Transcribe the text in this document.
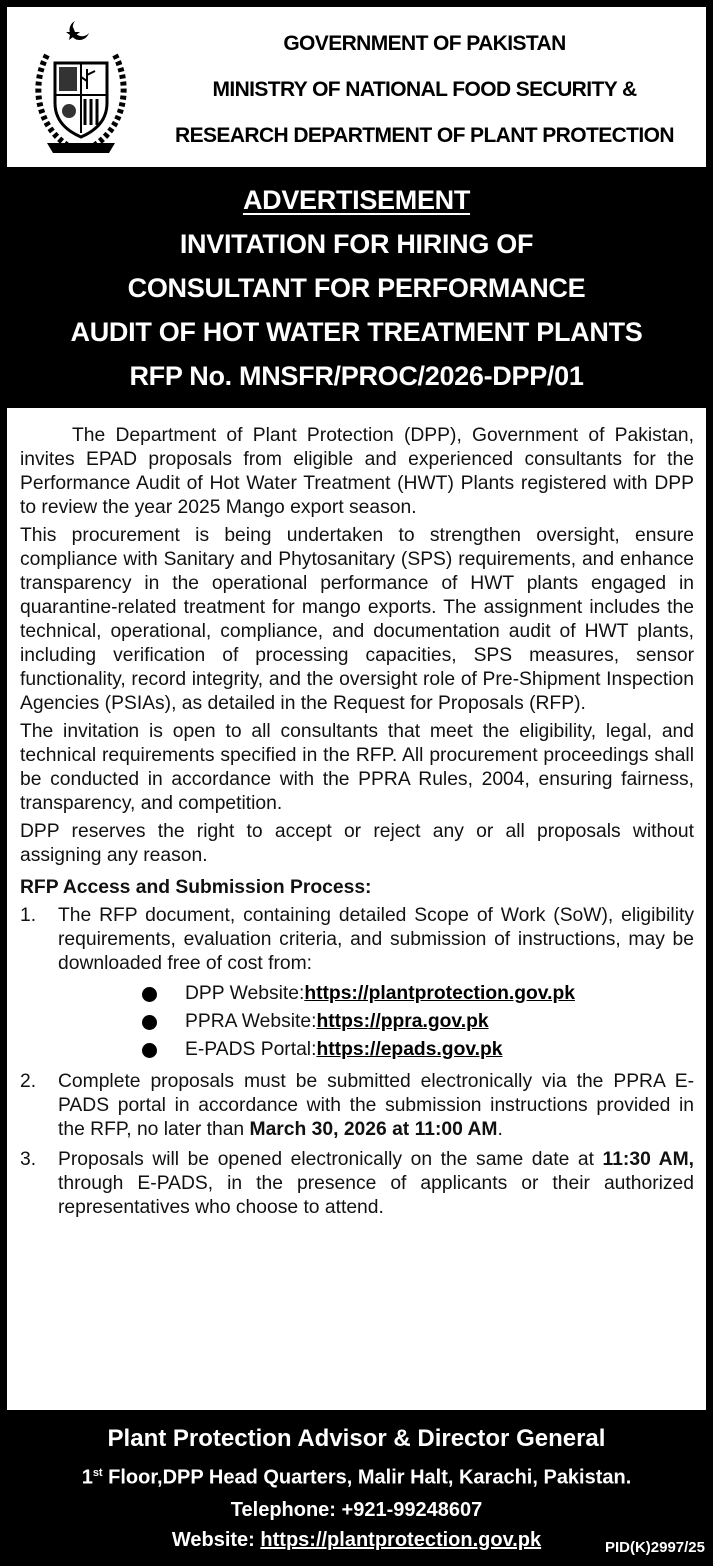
GOVERNMENT OF PAKISTAN
MINISTRY OF NATIONAL FOOD SECURITY &
RESEARCH DEPARTMENT OF PLANT PROTECTION
ADVERTISEMENT
INVITATION FOR HIRING OF
CONSULTANT FOR PERFORMANCE
AUDIT OF HOT WATER TREATMENT PLANTS
RFP No. MNSFR/PROC/2026-DPP/01

The Department of Plant Protection (DPP), Government of Pakistan, invites EPAD proposals from eligible and experienced consultants for the Performance Audit of Hot Water Treatment (HWT) Plants registered with DPP to review the year 2025 Mango export season.

This procurement is being undertaken to strengthen oversight, ensure compliance with Sanitary and Phytosanitary (SPS) requirements, and enhance transparency in the operational performance of HWT plants engaged in quarantine-related treatment for mango exports. The assignment includes the technical, operational, compliance, and documentation audit of HWT plants, including verification of processing capacities, SPS measures, sensor functionality, record integrity, and the oversight role of Pre-Shipment Inspection Agencies (PSIAs), as detailed in the Request for Proposals (RFP).

The invitation is open to all consultants that meet the eligibility, legal, and technical requirements specified in the RFP. All procurement proceedings shall be conducted in accordance with the PPRA Rules, 2004, ensuring fairness, transparency, and competition.

DPP reserves the right to accept or reject any or all proposals without assigning any reason.

RFP Access and Submission Process:
1.	The RFP document, containing detailed Scope of Work (SoW), eligibility requirements, evaluation criteria, and submission of instructions, may be downloaded free of cost from:
DPP Website: https://plantprotection.gov.pk
PPRA Website: https://ppra.gov.pk
E-PADS Portal: https://epads.gov.pk
2.	Complete proposals must be submitted electronically via the PPRA E-PADS portal in accordance with the submission instructions provided in the RFP, no later than March 30, 2026 at 11:00 AM.
3.	Proposals will be opened electronically on the same date at 11:30 AM, through E-PADS, in the presence of applicants or their authorized representatives who choose to attend.
Plant Protection Advisor & Director General
1st Floor,DPP Head Quarters, Malir Halt, Karachi, Pakistan.
Telephone: +921-99248607
Website: https://plantprotection.gov.pk	PID(K)2997/25
